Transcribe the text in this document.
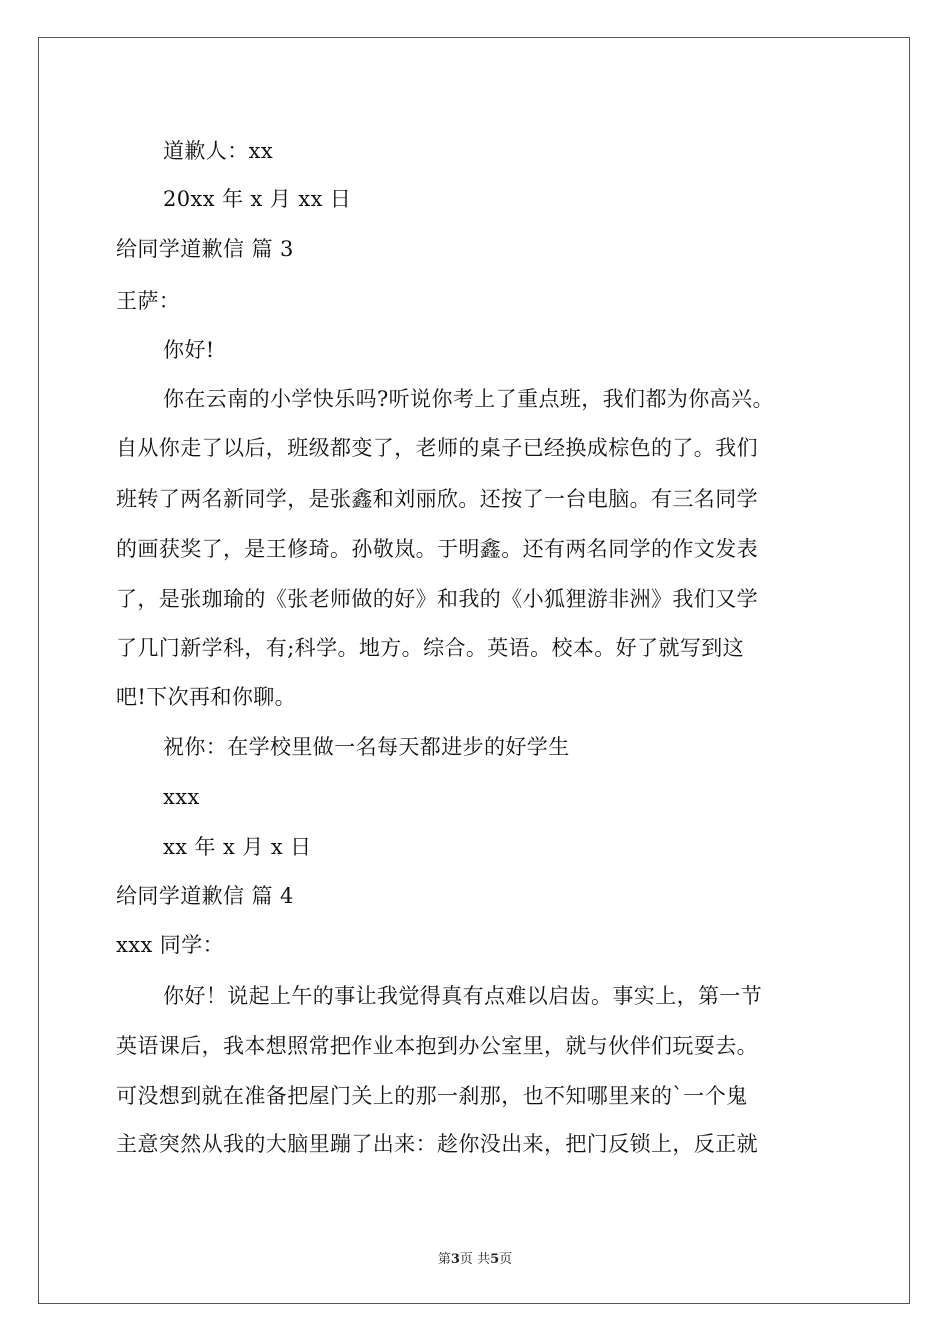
道歉人：xx
20xx 年 x 月 xx 日
给同学道歉信 篇 3
王萨：
你好!
你在云南的小学快乐吗?听说你考上了重点班，我们都为你高兴。
自从你走了以后，班级都变了，老师的桌子已经换成棕色的了。我们
班转了两名新同学，是张鑫和刘丽欣。还按了一台电脑。有三名同学
的画获奖了，是王修琦。孙敬岚。于明鑫。还有两名同学的作文发表
了，是张珈瑜的《张老师做的好》和我的《小狐狸游非洲》我们又学
了几门新学科，有;科学。地方。综合。英语。校本。好了就写到这
吧!下次再和你聊。
祝你：在学校里做一名每天都进步的好学生
xxx
xx 年 x 月 x 日
给同学道歉信 篇 4
xxx 同学：
你好！说起上午的事让我觉得真有点难以启齿。事实上，第一节
英语课后，我本想照常把作业本抱到办公室里，就与伙伴们玩耍去。
可没想到就在准备把屋门关上的那一刹那，也不知哪里来的`一个鬼
主意突然从我的大脑里蹦了出来：趁你没出来，把门反锁上，反正就
第3页 共5页
